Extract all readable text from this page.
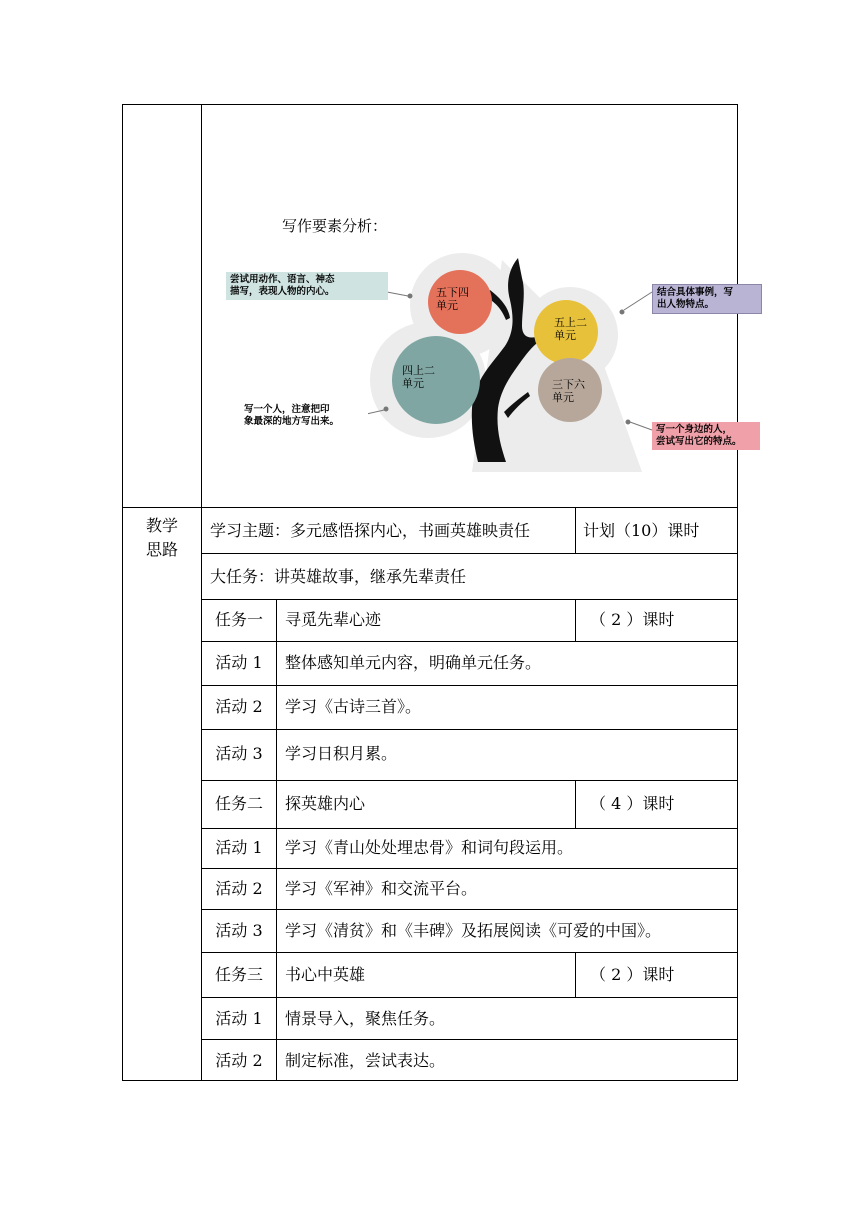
教学
思路
写作要素分析：
五下四
单元
五上二
单元
四上二
单元	三下六
单元
尝试用动作、语言、神态
描写，表现人物的内心。	结合具体事例，写
出人物特点。
写一个人，注意把印
象最深的地方写出来。
写一个身边的人，
尝试写出它的特点。
学习主题：多元感悟探内心，书画英雄映责任	计划（10）课时
大任务：讲英雄故事，继承先辈责任
任务一	寻觅先辈心迹	（ 2 ）课时
活动 1	整体感知单元内容，明确单元任务。
活动 2	学习《古诗三首》。
活动 3	学习日积月累。
任务二	探英雄内心	（ 4 ）课时
活动 1	学习《青山处处埋忠骨》和词句段运用。
活动 2	学习《军神》和交流平台。
活动 3	学习《清贫》和《丰碑》及拓展阅读《可爱的中国》。
任务三	书心中英雄	（ 2 ）课时
活动 1	情景导入，聚焦任务。
活动 2	制定标准，尝试表达。
